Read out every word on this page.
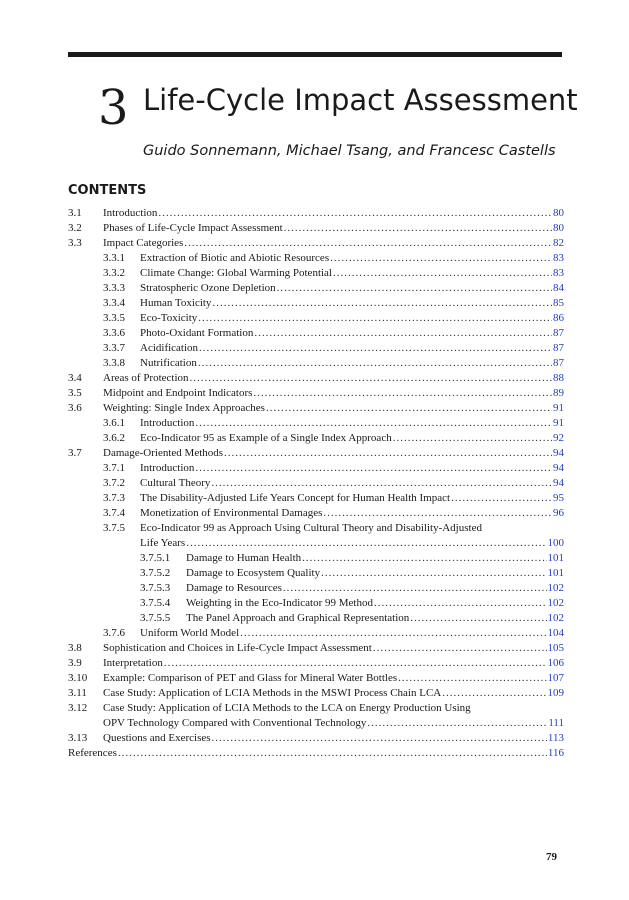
3 Life-Cycle Impact Assessment
Guido Sonnemann, Michael Tsang, and Francesc Castells
CONTENTS
3.1 Introduction .....	80
3.2 Phases of Life-Cycle Impact Assessment .....	80
3.3 Impact Categories .....	82
3.3.1 Extraction of Biotic and Abiotic Resources .....	83
3.3.2 Climate Change: Global Warming Potential .....	83
3.3.3 Stratospheric Ozone Depletion .....	84
3.3.4 Human Toxicity .....	85
3.3.5 Eco-Toxicity .....	86
3.3.6 Photo-Oxidant Formation .....	87
3.3.7 Acidification .....	87
3.3.8 Nutrification .....	87
3.4 Areas of Protection .....	88
3.5 Midpoint and Endpoint Indicators .....	89
3.6 Weighting: Single Index Approaches .....	91
3.6.1 Introduction .....	91
3.6.2 Eco-Indicator 95 as Example of a Single Index Approach .....	92
3.7 Damage-Oriented Methods .....	94
3.7.1 Introduction .....	94
3.7.2 Cultural Theory .....	94
3.7.3 The Disability-Adjusted Life Years Concept for Human Health Impact .....	95
3.7.4 Monetization of Environmental Damages .....	96
3.7.5 Eco-Indicator 99 as Approach Using Cultural Theory and Disability-Adjusted
Life Years .....	100
3.7.5.1 Damage to Human Health .....	101
3.7.5.2 Damage to Ecosystem Quality .....	101
3.7.5.3 Damage to Resources .....	102
3.7.5.4 Weighting in the Eco-Indicator 99 Method .....	102
3.7.5.5 The Panel Approach and Graphical Representation .....	102
3.7.6 Uniform World Model .....	104
3.8 Sophistication and Choices in Life-Cycle Impact Assessment .....	105
3.9 Interpretation .....	106
3.10 Example: Comparison of PET and Glass for Mineral Water Bottles .....	107
3.11 Case Study: Application of LCIA Methods in the MSWI Process Chain LCA .....	109
3.12 Case Study: Application of LCIA Methods to the LCA on Energy Production Using
OPV Technology Compared with Conventional Technology .....	111
3.13 Questions and Exercises .....	113
References .....	116
79
